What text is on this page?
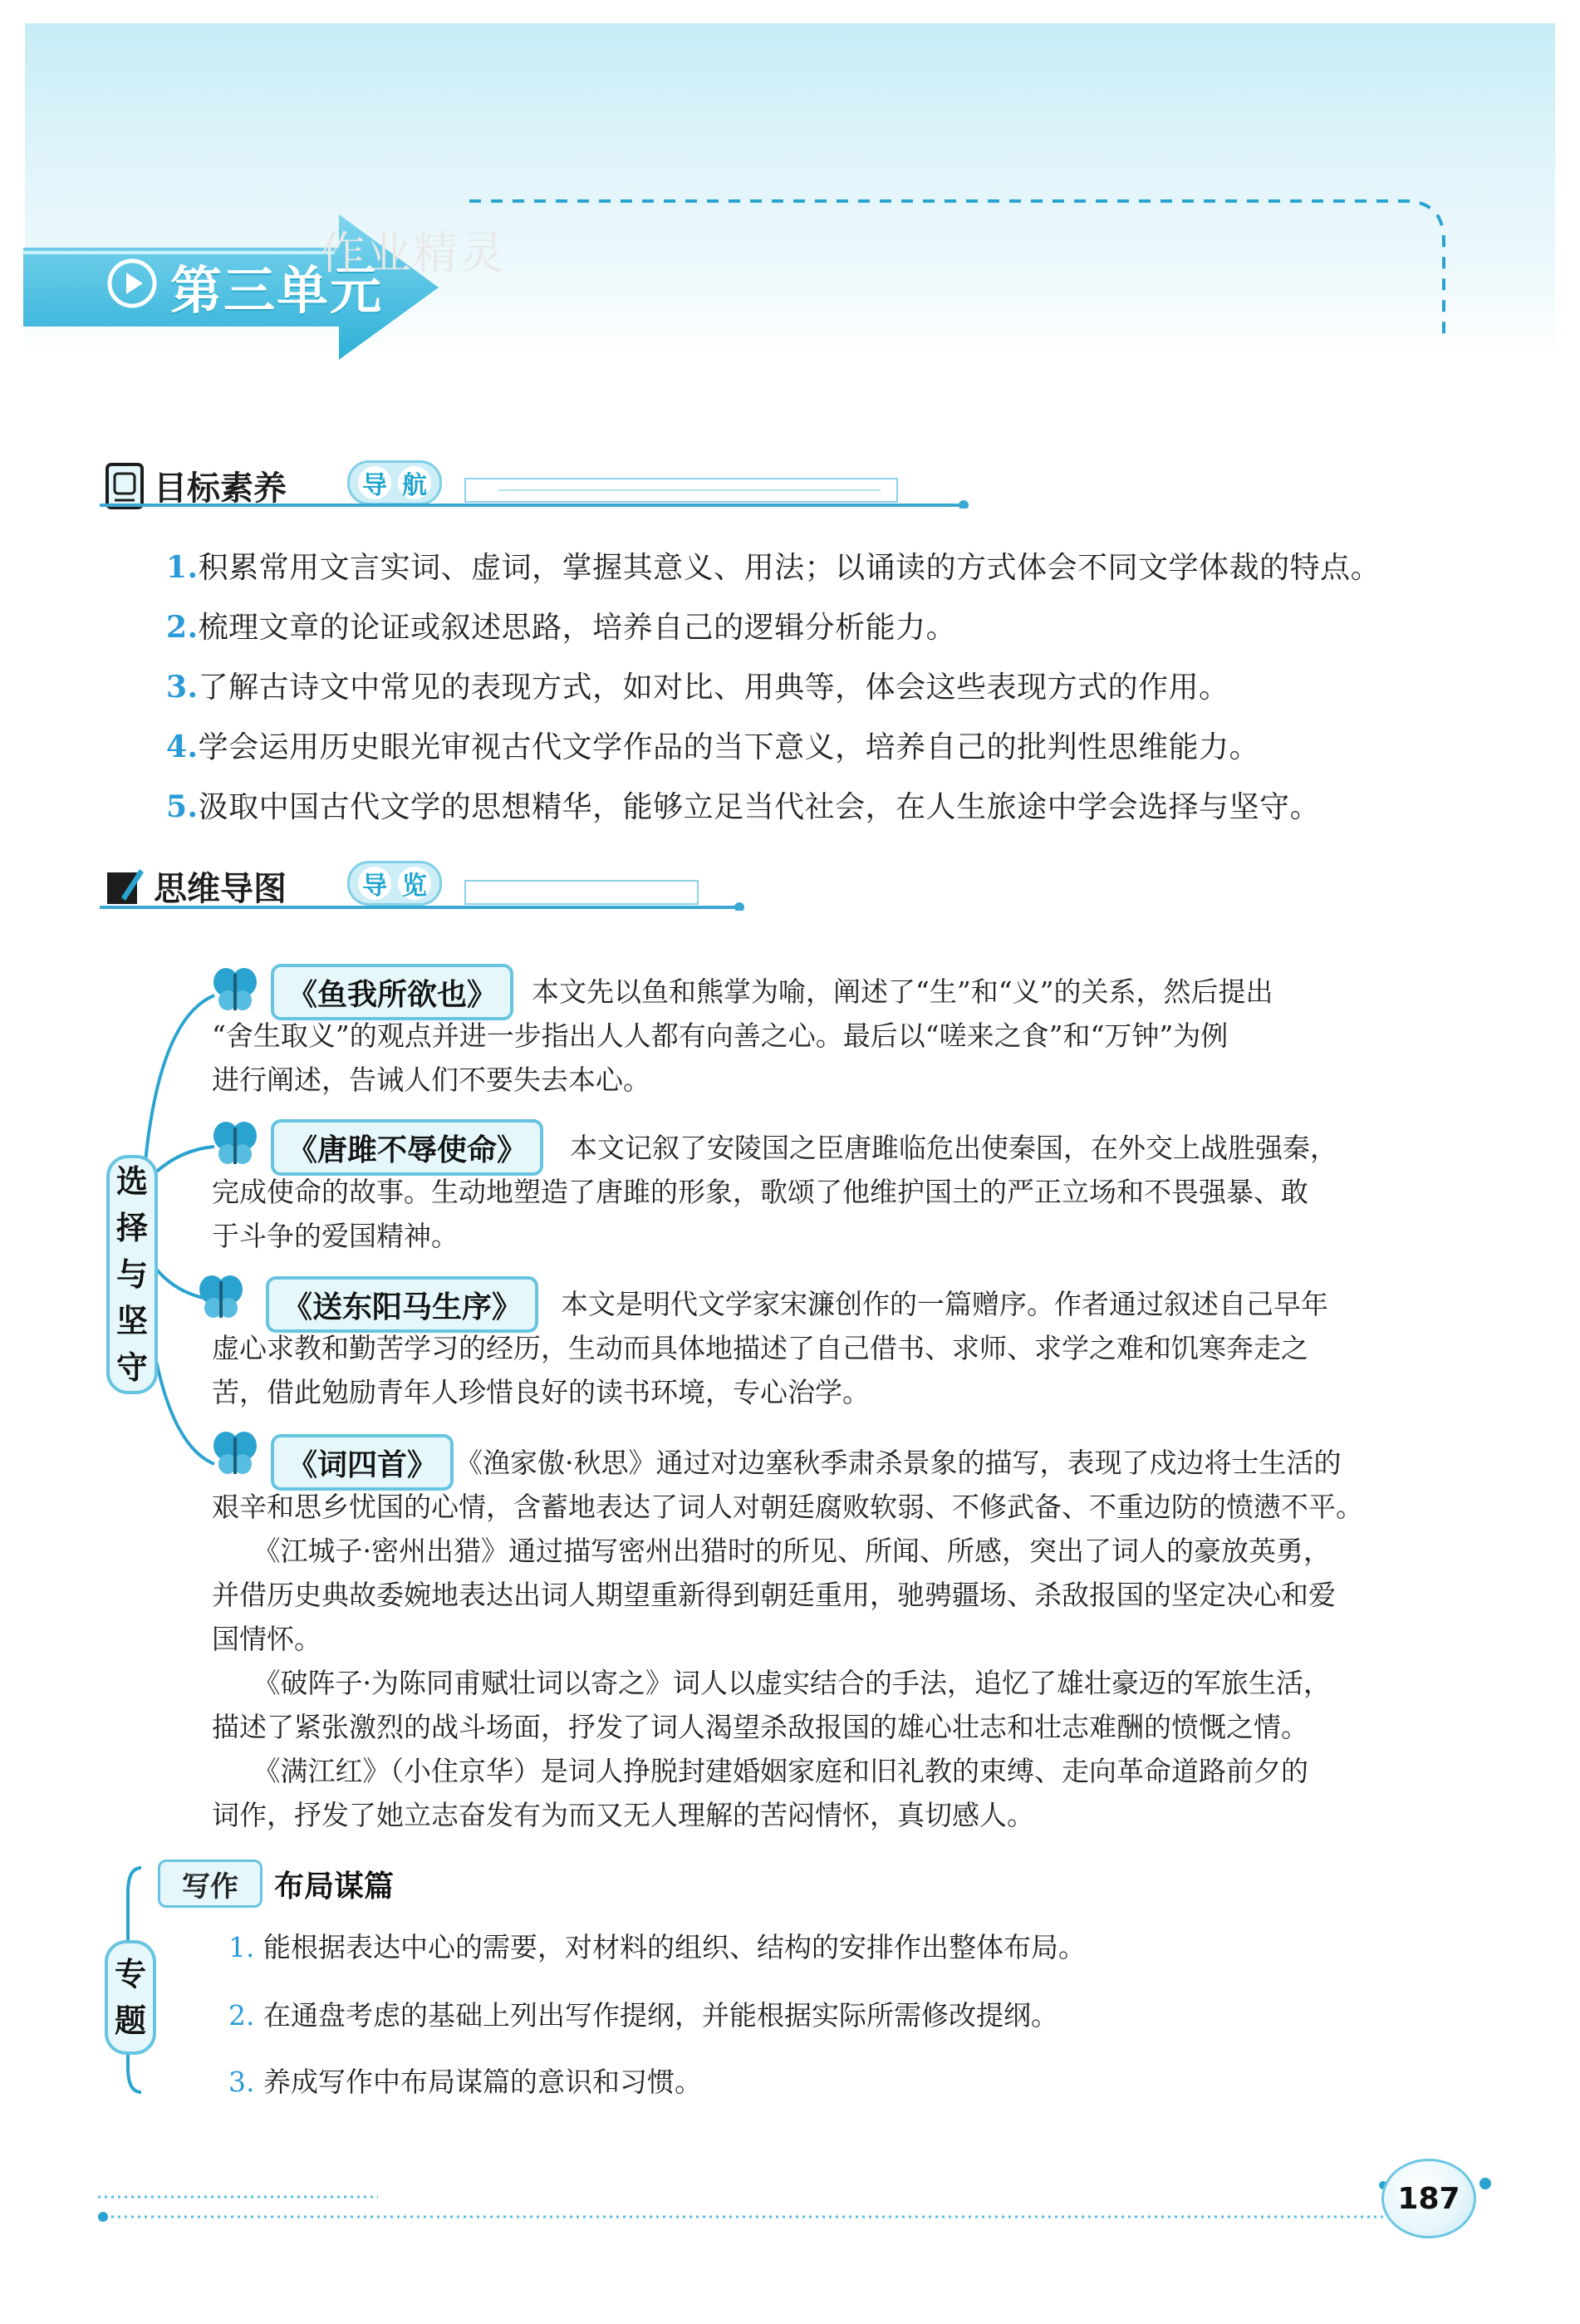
第三单元
作业精灵
目标素养	导 航
1.积累常用文言实词、虚词，掌握其意义、用法；以诵读的方式体会不同文学体裁的特点。
2.梳理文章的论证或叙述思路，培养自己的逻辑分析能力。
3.了解古诗文中常见的表现方式，如对比、用典等，体会这些表现方式的作用。
4.学会运用历史眼光审视古代文学作品的当下意义，培养自己的批判性思维能力。
5.汲取中国古代文学的思想精华，能够立足当代社会，在人生旅途中学会选择与坚守。
思维导图	导 览
选
择
与
坚
守
《鱼我所欲也》	本文先以鱼和熊掌为喻，阐述了“生”和“义”的关系，然后提出
“舍生取义”的观点并进一步指出人人都有向善之心。最后以“嗟来之食”和“万钟”为例
进行阐述，告诫人们不要失去本心。
《唐雎不辱使命》	本文记叙了安陵国之臣唐雎临危出使秦国，在外交上战胜强秦，
完成使命的故事。生动地塑造了唐雎的形象，歌颂了他维护国土的严正立场和不畏强暴、敢
于斗争的爱国精神。
《送东阳马生序》	本文是明代文学家宋濂创作的一篇赠序。作者通过叙述自己早年
虚心求教和勤苦学习的经历，生动而具体地描述了自己借书、求师、求学之难和饥寒奔走之
苦，借此勉励青年人珍惜良好的读书环境，专心治学。
《词四首》 《渔家傲·秋思》通过对边塞秋季肃杀景象的描写，表现了戍边将士生活的
艰辛和思乡忧国的心情，含蓄地表达了词人对朝廷腐败软弱、不修武备、不重边防的愤懑不平。
　　《江城子·密州出猎》通过描写密州出猎时的所见、所闻、所感，突出了词人的豪放英勇，
并借历史典故委婉地表达出词人期望重新得到朝廷重用，驰骋疆场、杀敌报国的坚定决心和爱
国情怀。
　　《破阵子·为陈同甫赋壮词以寄之》词人以虚实结合的手法，追忆了雄壮豪迈的军旅生活，
描述了紧张激烈的战斗场面，抒发了词人渴望杀敌报国的雄心壮志和壮志难酬的愤慨之情。
　　《满江红》（小住京华）是词人挣脱封建婚姻家庭和旧礼教的束缚、走向革命道路前夕的
词作，抒发了她立志奋发有为而又无人理解的苦闷情怀，真切感人。
专
题
写作	布局谋篇
1. 能根据表达中心的需要，对材料的组织、结构的安排作出整体布局。
2. 在通盘考虑的基础上列出写作提纲，并能根据实际所需修改提纲。
3. 养成写作中布局谋篇的意识和习惯。
187
